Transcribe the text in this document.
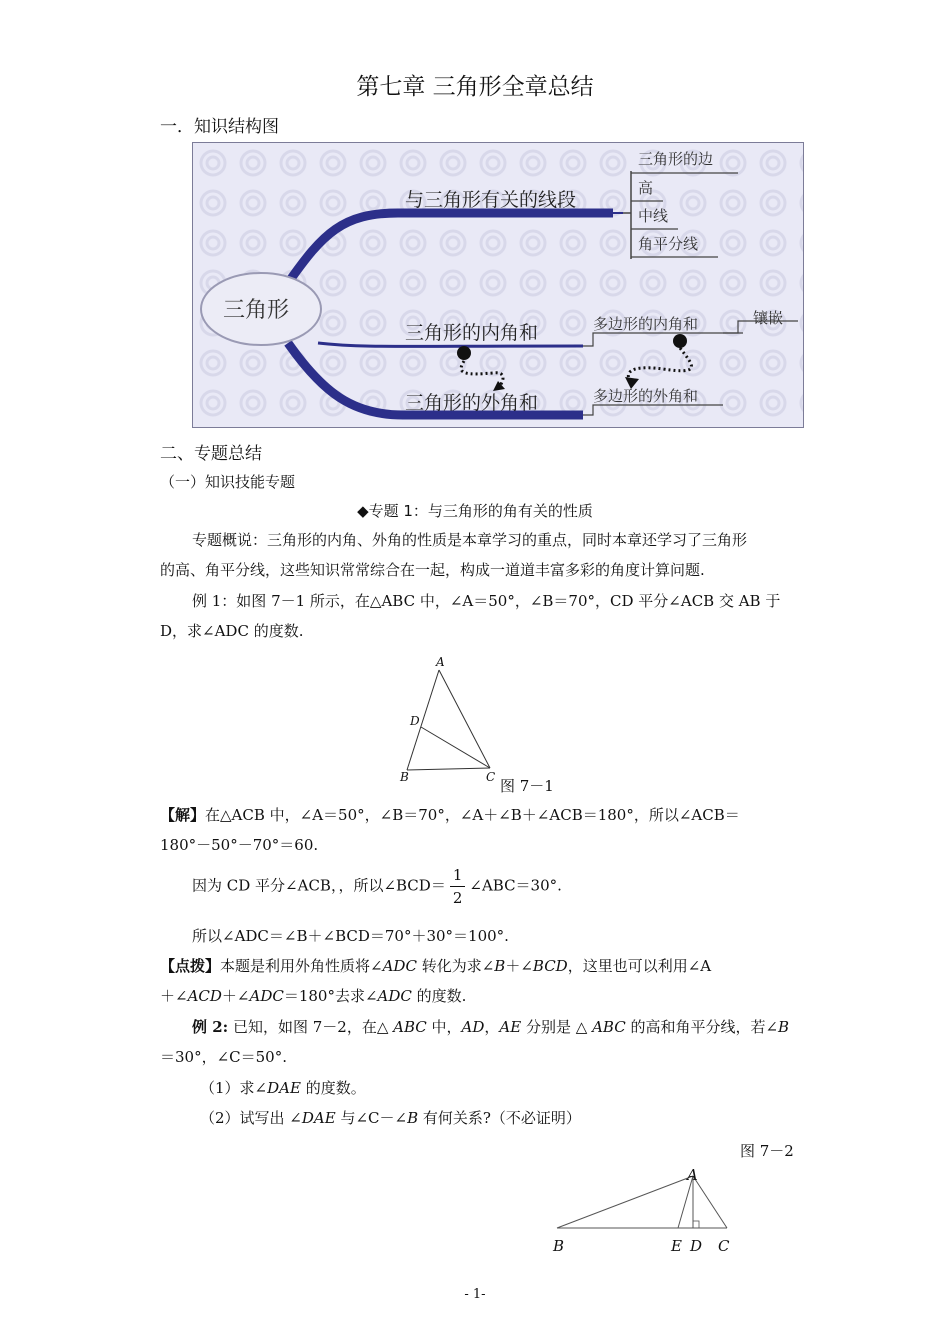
第七章 三角形全章总结
一．知识结构图
三角形
与三角形有关的线段
三角形的边
高
中线
角平分线
三角形的内角和	多边形的内角和	镶嵌
三角形的外角和	多边形的外角和
二、专题总结
（一）知识技能专题
◆专题 1：与三角形的角有关的性质
专题概说：三角形的内角、外角的性质是本章学习的重点，同时本章还学习了三角形
的高、角平分线，这些知识常常综合在一起，构成一道道丰富多彩的角度计算问题.
例 1：如图 7－1 所示，在△ABC 中，∠A＝50°，∠B＝70°，CD 平分∠ACB 交 AB 于
D，求∠ADC 的度数.
A
D
B	C 图 7－1
【解】在△ACB 中，∠A＝50°，∠B＝70°，∠A＋∠B＋∠ACB＝180°，所以∠ACB＝
180°－50°－70°＝60.
因为 CD 平分∠ACB，，所以∠BCD＝ $\frac{1}{2}$ ∠ABC＝30°.
所以∠ADC＝∠B＋∠BCD＝70°＋30°＝100°.
【点拨】本题是利用外角性质将∠ADC 转化为求∠B＋∠BCD，这里也可以利用∠A
＋∠ACD＋∠ADC＝180°去求∠ADC 的度数.
例 2: 已知，如图 7－2，在△ ABC 中，AD，AE 分别是 △ ABC 的高和角平分线，若∠B
＝30°，∠C＝50°.
（1）求∠DAE 的度数。
（2）试写出 ∠DAE 与∠C－∠B 有何关系?（不必证明）
图 7－2
A
B	E D C
- 1-
